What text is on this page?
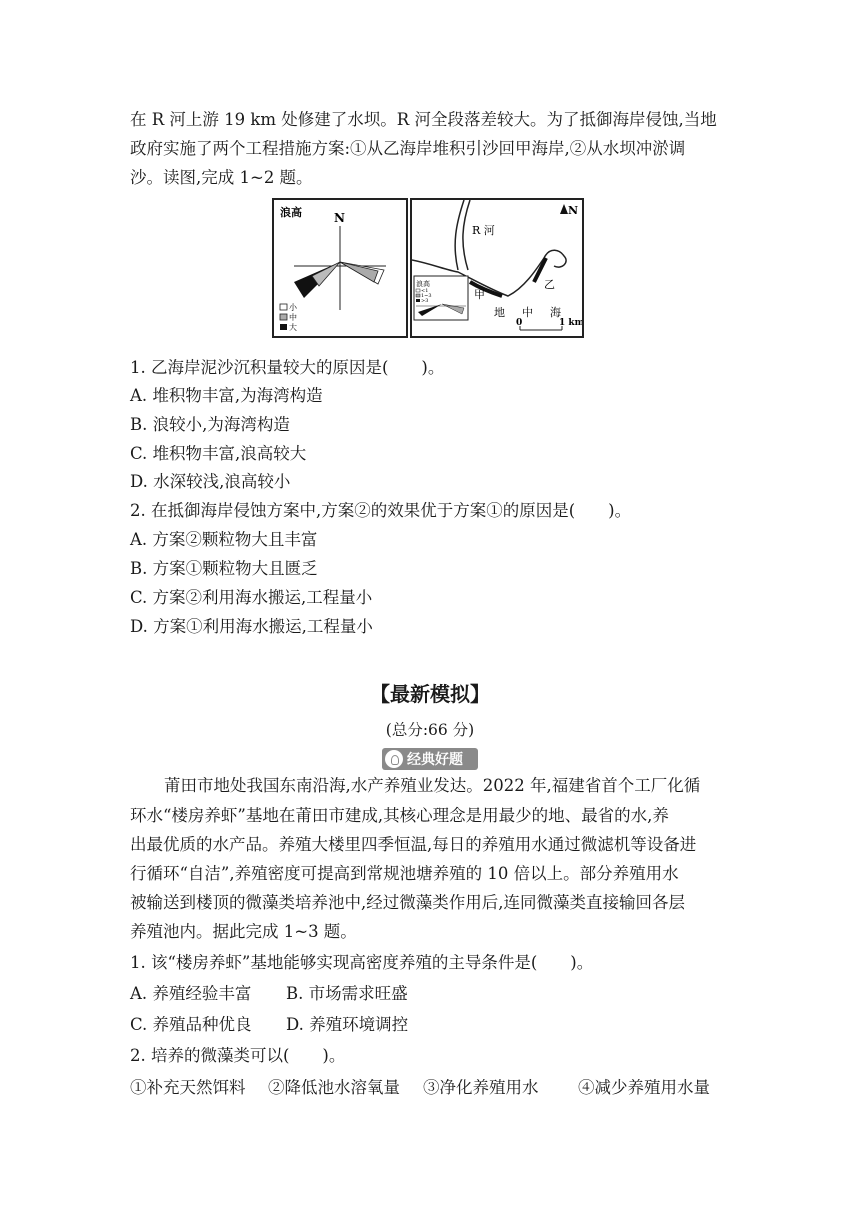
在 R 河上游 19 km 处修建了水坝。R 河全段落差较大。为了抵御海岸侵蚀,当地
政府实施了两个工程措施方案:①从乙海岸堆积引沙回甲海岸,②从水坝冲淤调
沙。读图,完成 1~2 题。
浪高	N
小
中
大
N
R 河
甲
乙
地 中 海
浪高
<1
1~3
>3
0	1 km
1. 乙海岸泥沙沉积量较大的原因是(　　)。
A. 堆积物丰富,为海湾构造
B. 浪较小,为海湾构造
C. 堆积物丰富,浪高较大
D. 水深较浅,浪高较小
2. 在抵御海岸侵蚀方案中,方案②的效果优于方案①的原因是(　　)。
A. 方案②颗粒物大且丰富
B. 方案①颗粒物大且匮乏
C. 方案②利用海水搬运,工程量小
D. 方案①利用海水搬运,工程量小
【最新模拟】
(总分:66 分)
经典好题
莆田市地处我国东南沿海,水产养殖业发达。2022 年,福建省首个工厂化循
环水“楼房养虾”基地在莆田市建成,其核心理念是用最少的地、最省的水,养
出最优质的水产品。养殖大楼里四季恒温,每日的养殖用水通过微滤机等设备进
行循环“自洁”,养殖密度可提高到常规池塘养殖的 10 倍以上。部分养殖用水
被输送到楼顶的微藻类培养池中,经过微藻类作用后,连同微藻类直接输回各层
养殖池内。据此完成 1~3 题。
1. 该“楼房养虾”基地能够实现高密度养殖的主导条件是(　　)。
A. 养殖经验丰富 B. 市场需求旺盛
C. 养殖品种优良 D. 养殖环境调控
2. 培养的微藻类可以(　　)。
①补充天然饵料 ②降低池水溶氧量 ③净化养殖用水 ④减少养殖用水量
